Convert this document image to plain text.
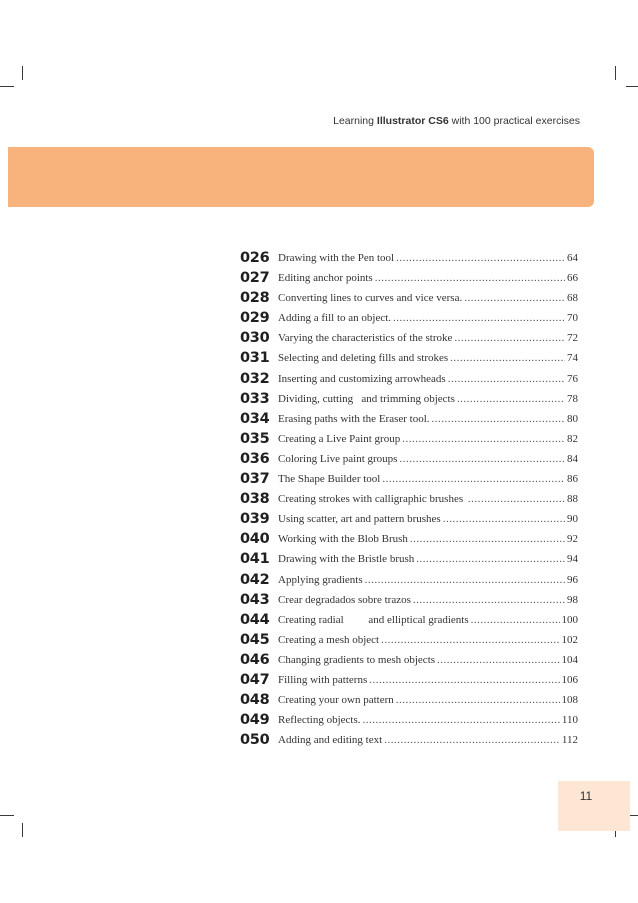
Learning Illustrator CS6 with 100 practical exercises
026 Drawing with the Pen tool .....	64
027 Editing anchor points .....	66
028 Converting lines to curves and vice versa. .....	68
029 Adding a fill to an object. .....	70
030 Varying the characteristics of the stroke .....	72
031 Selecting and deleting fills and strokes .....	74
032 Inserting and customizing arrowheads .....	76
033 Dividing, cutting   and trimming objects .....	78
034 Erasing paths with the Eraser tool. .....	80
035 Creating a Live Paint group .....	82
036 Coloring Live paint groups .....	84
037 The Shape Builder tool .....	86
038 Creating strokes with calligraphic brushes .....	88
039 Using scatter, art and pattern brushes .....	90
040 Working with the Blob Brush .....	92
041 Drawing with the Bristle brush .....	94
042 Applying gradients .....	96
043 Crear degradados sobre trazos .....	98
044 Creating radial         and elliptical gradients .....	100
045 Creating a mesh object .....	102
046 Changing gradients to mesh objects .....	104
047 Filling with patterns .....	106
048 Creating your own pattern .....	108
049 Reflecting objects. .....	110
050 Adding and editing text .....	112
11
